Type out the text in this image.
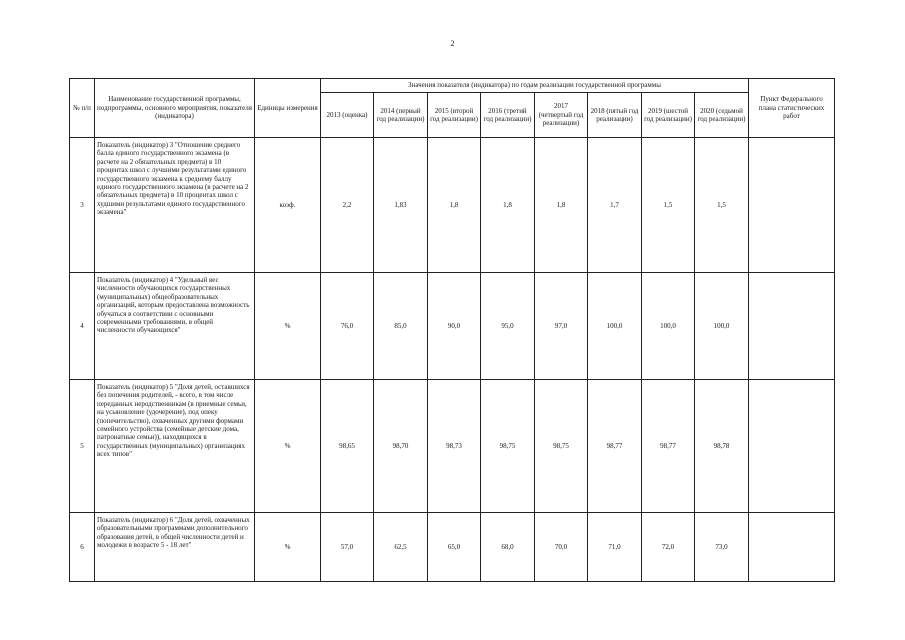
2
№ п/п	Наименование государственной программы, подпрограммы, основного мероприятия, показателя (индикатора)	Единицы измерения	Значения показателя (индикатора) по годам реализации государственной программы								Пункт Федерального плана статистических работ
			2013 (оценка)	2014 (первый год реализации)	2015 (второй год реализации)	2016 (третий год реализации)	2017 (четвертый год реализации)	2018 (пятый год реализации)	2019 (шестой год реализации)	2020 (седьмой год реализации)	
3	Показатель (индикатор) 3 "Отношение среднего балла единого государственного экзамена (в расчете на 2 обязательных предмета) в 10 процентах школ с лучшими результатами единого государственного экзамена к среднему баллу единого государственного экзамена (в расчете на 2 обязательных предмета) в 10 процентах школ с худшими результатами единого государственного экзамена"	коэф.	2,2	1,83	1,8	1,8	1,8	1,7	1,5	1,5	
4	Показатель (индикатор) 4 "Удельный вес численности обучающихся государственных (муниципальных) общеобразовательных организаций, которым предоставлена возможность обучаться в соответствии с основными современными требованиями, в общей численности обучающихся"	%	76,0	85,0	90,0	95,0	97,0	100,0	100,0	100,0	
5	Показатель (индикатор) 5 "Доля детей, оставшихся без попечения родителей, - всего, в том числе переданных неродственникам (в приемные семьи, на усыновление (удочерение), под опеку (попечительство), охваченных другими формами семейного устройства (семейные детские дома, патронатные семьи)), находящихся в государственных (муниципальных) организациях всех типов"	%	98,65	98,70	98,73	98,75	98,75	98,77	98,77	98,78	
6	Показатель (индикатор) 6 "Доля детей, охваченных образовательными программами дополнительного образования детей, в общей численности детей и молодежи в возрасте 5 - 18 лет"	%	57,0	62,5	65,0	68,0	70,0	71,0	72,0	73,0	
